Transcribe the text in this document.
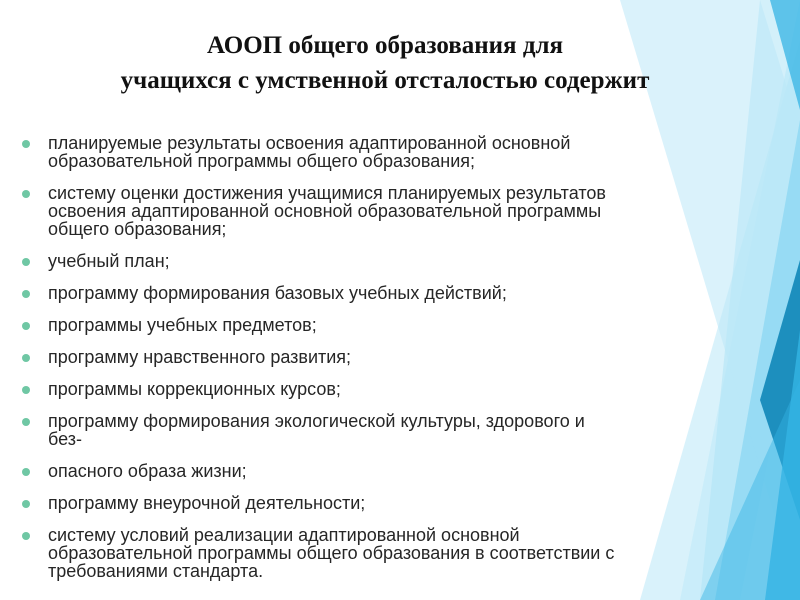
АООП общего образования для
учащихся с умственной отсталостью содержит
планируемые результаты освоения адаптированной основной
образовательной программы общего образования;
систему оценки достижения учащимися планируемых результатов
освоения адаптированной основной образовательной программы
общего образования;
учебный план;
программу формирования базовых учебных действий;
программы учебных предметов;
программу нравственного развития;
программы коррекционных курсов;
программу формирования экологической культуры, здорового и
без-
опасного образа жизни;
программу внеурочной деятельности;
систему условий реализации адаптированной основной
образовательной программы общего образования в соответствии с
требованиями стандарта.
